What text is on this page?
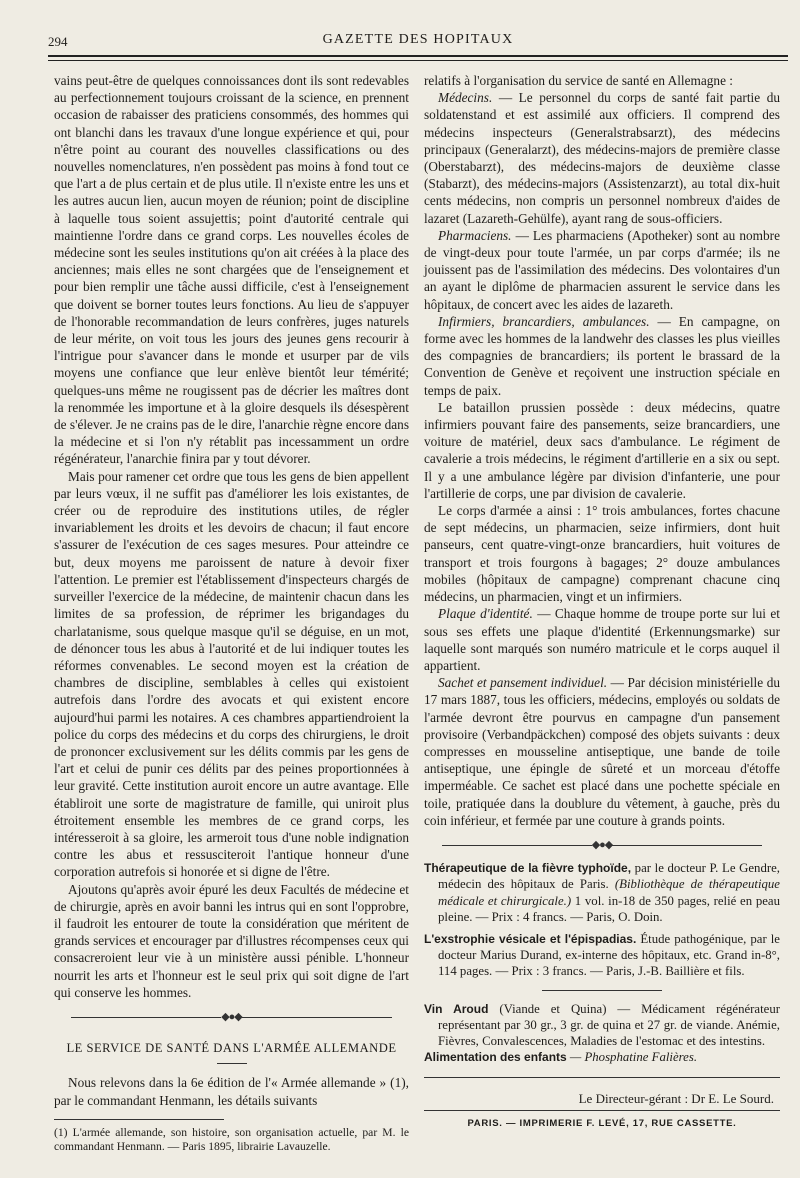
294	GAZETTE DES HOPITAUX

vains peut-être de quelques connoissances dont ils sont redevables au perfectionnement toujours croissant de la science, en prennent occasion de rabaisser des praticiens consommés, des hommes qui ont blanchi dans les travaux d'une longue expérience et qui, pour n'être point au courant des nouvelles classifications ou des nouvelles nomenclatures, n'en possèdent pas moins à fond tout ce que l'art a de plus certain et de plus utile. Il n'existe entre les uns et les autres aucun lien, aucun moyen de réunion; point de discipline à laquelle tous soient assujettis; point d'autorité centrale qui maintienne l'ordre dans ce grand corps. Les nouvelles écoles de médecine sont les seules institutions qu'on ait créées à la place des anciennes; mais elles ne sont chargées que de l'enseignement et pour bien remplir une tâche aussi difficile, c'est à l'enseignement que doivent se borner toutes leurs fonctions. Au lieu de s'appuyer de l'honorable recommandation de leurs confrères, juges naturels de leur mérite, on voit tous les jours des jeunes gens recourir à l'intrigue pour s'avancer dans le monde et usurper par de vils moyens une confiance que leur enlève bientôt leur témérité; quelques-uns même ne rougissent pas de décrier les maîtres dont la renommée les importune et à la gloire desquels ils désespèrent de s'élever. Je ne crains pas de le dire, l'anarchie règne encore dans la médecine et si l'on n'y rétablit pas incessamment un ordre régénérateur, l'anarchie finira par y tout dévorer.

Mais pour ramener cet ordre que tous les gens de bien appellent par leurs vœux, il ne suffit pas d'améliorer les lois existantes, de créer ou de reproduire des institutions utiles, de régler invariablement les droits et les devoirs de chacun; il faut encore s'assurer de l'exécution de ces sages mesures. Pour atteindre ce but, deux moyens me paroissent de nature à devoir fixer l'attention. Le premier est l'établissement d'inspecteurs chargés de surveiller l'exercice de la médecine, de maintenir chacun dans les limites de sa profession, de réprimer les brigandages du charlatanisme, sous quelque masque qu'il se déguise, en un mot, de dénoncer tous les abus à l'autorité et de lui indiquer toutes les réformes convenables. Le second moyen est la création de chambres de discipline, semblables à celles qui existoient autrefois dans l'ordre des avocats et qui existent encore aujourd'hui parmi les notaires. A ces chambres appartiendroient la police du corps des médecins et du corps des chirurgiens, le droit de prononcer exclusivement sur les délits commis par les gens de l'art et celui de punir ces délits par des peines proportionnées à leur gravité. Cette institution auroit encore un autre avantage. Elle établiroit une sorte de magistrature de famille, qui uniroit plus étroitement ensemble les membres de ce grand corps, les intéresseroit à sa gloire, les armeroit tous d'une noble indignation contre les abus et ressusciteroit l'antique honneur d'une corporation autrefois si honorée et si digne de l'être.

Ajoutons qu'après avoir épuré les deux Facultés de médecine et de chirurgie, après en avoir banni les intrus qui en sont l'opprobre, il faudroit les entourer de toute la considération que méritent de grands services et encourager par d'illustres récompenses ceux qui consacreroient leur vie à un ministère aussi pénible. L'honneur nourrit les arts et l'honneur est le seul prix qui soit digne de l'art qui conserve les hommes.

◆●◆
LE SERVICE DE SANTÉ DANS L'ARMÉE ALLEMANDE

Nous relevons dans la 6e édition de l'« Armée allemande » (1), par le commandant Henmann, les détails suivants

(1) L'armée allemande, son histoire, son organisation actuelle, par M. le commandant Henmann. — Paris 1895, librairie Lavauzelle.

relatifs à l'organisation du service de santé en Allemagne :

Médecins. — Le personnel du corps de santé fait partie du soldatenstand et est assimilé aux officiers. Il comprend des médecins inspecteurs (Generalstrabsarzt), des médecins principaux (Generalarzt), des médecins-majors de première classe (Oberstabarzt), des médecins-majors de deuxième classe (Stabarzt), des médecins-majors (Assistenzarzt), au total dix-huit cents médecins, non compris un personnel nombreux d'aides de lazaret (Lazareth-Gehülfe), ayant rang de sous-officiers.

Pharmaciens. — Les pharmaciens (Apotheker) sont au nombre de vingt-deux pour toute l'armée, un par corps d'armée; ils ne jouissent pas de l'assimilation des médecins. Des volontaires d'un an ayant le diplôme de pharmacien assurent le service dans les hôpitaux, de concert avec les aides de lazareth.

Infirmiers, brancardiers, ambulances. — En campagne, on forme avec les hommes de la landwehr des classes les plus vieilles des compagnies de brancardiers; ils portent le brassard de la Convention de Genève et reçoivent une instruction spéciale en temps de paix.

Le bataillon prussien possède : deux médecins, quatre infirmiers pouvant faire des pansements, seize brancardiers, une voiture de matériel, deux sacs d'ambulance. Le régiment de cavalerie a trois médecins, le régiment d'artillerie en a six ou sept. Il y a une ambulance légère par division d'infanterie, une pour l'artillerie de corps, une par division de cavalerie.

Le corps d'armée a ainsi : 1° trois ambulances, fortes chacune de sept médecins, un pharmacien, seize infirmiers, dont huit panseurs, cent quatre-vingt-onze brancardiers, huit voitures de transport et trois fourgons à bagages; 2° douze ambulances mobiles (hôpitaux de campagne) comprenant chacune cinq médecins, un pharmacien, vingt et un infirmiers.

Plaque d'identité. — Chaque homme de troupe porte sur lui et sous ses effets une plaque d'identité (Erkennungsmarke) sur laquelle sont marqués son numéro matricule et le corps auquel il appartient.

Sachet et pansement individuel. — Par décision ministérielle du 17 mars 1887, tous les officiers, médecins, employés ou soldats de l'armée devront être pourvus en campagne d'un pansement provisoire (Verbandpäckchen) composé des objets suivants : deux compresses en mousseline antiseptique, une bande de toile antiseptique, une épingle de sûreté et un morceau d'étoffe imperméable. Ce sachet est placé dans une pochette spéciale en toile, pratiquée dans la doublure du vêtement, à gauche, près du coin inférieur, et fermée par une couture à grands points.

◆●◆
Thérapeutique de la fièvre typhoïde, par le docteur P. Le Gendre, médecin des hôpitaux de Paris. (Bibliothèque de thérapeutique médicale et chirurgicale.) 1 vol. in-18 de 350 pages, relié en peau pleine. — Prix : 4 francs. — Paris, O. Doin.
L'exstrophie vésicale et l'épispadias. Étude pathogénique, par le docteur Marius Durand, ex-interne des hôpitaux, etc. Grand in-8°, 114 pages. — Prix : 3 francs. — Paris, J.-B. Baillière et fils.
Vin Aroud (Viande et Quina) — Médicament régénérateur représentant par 30 gr., 3 gr. de quina et 27 gr. de viande. Anémie, Fièvres, Convalescences, Maladies de l'estomac et des intestins.
Alimentation des enfants — Phosphatine Falières.
Le Directeur-gérant : Dr E. Le Sourd.
PARIS. — IMPRIMERIE F. LEVÉ, 17, RUE CASSETTE.
